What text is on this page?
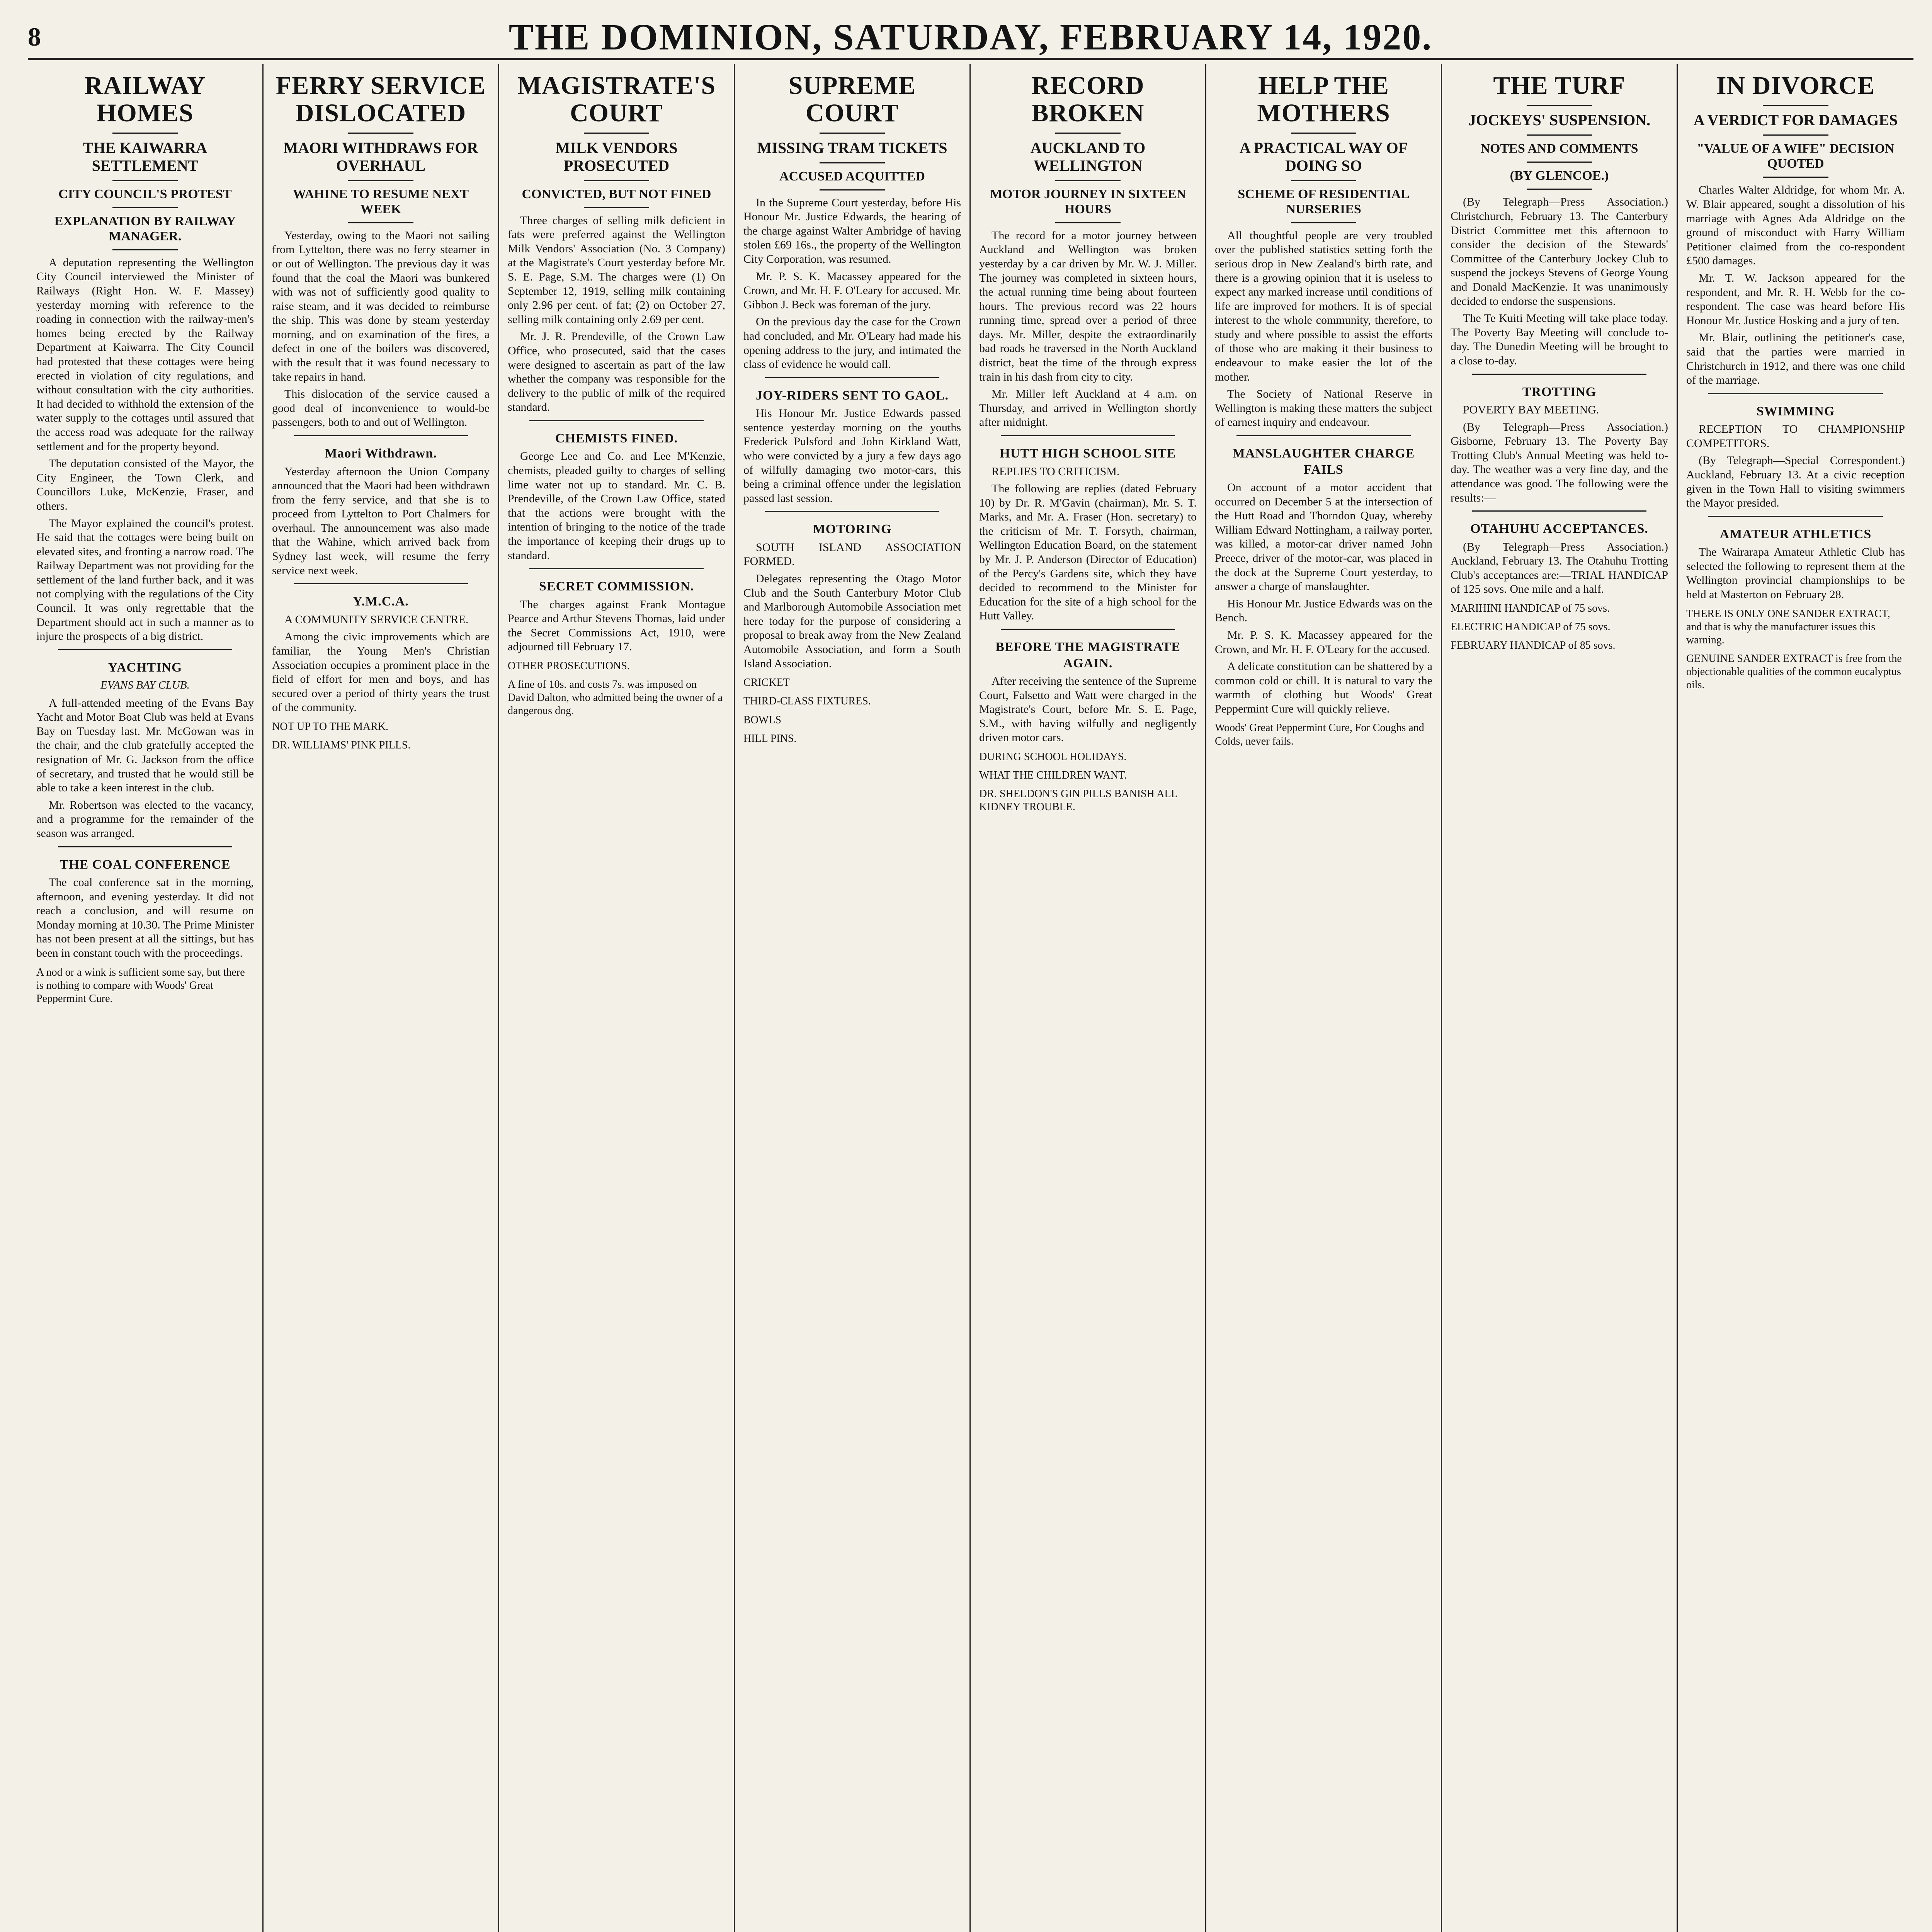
8	THE DOMINION, SATURDAY, FEBRUARY 14, 1920.
RAILWAY HOMES
THE KAIWARRA SETTLEMENT
CITY COUNCIL'S PROTEST
EXPLANATION BY RAILWAY MANAGER.

A deputation representing the Wellington City Council interviewed the Minister of Railways (Right Hon. W. F. Massey) yesterday morning with reference to the roading in connection with the railway-men's homes being erected by the Railway Department at Kaiwarra. The City Council had protested that these cottages were being erected in violation of city regulations, and without consultation with the city authorities. It had decided to withhold the extension of the water supply to the cottages until assured that the access road was adequate for the railway settlement and for the property beyond.

The deputation consisted of the Mayor, the City Engineer, the Town Clerk, and Councillors Luke, McKenzie, Fraser, and others.

The Mayor explained the council's protest. He said that the cottages were being built on elevated sites, and fronting a narrow road. The Railway Department was not providing for the settlement of the land further back, and it was not complying with the regulations of the City Council. It was only regrettable that the Department should act in such a manner as to injure the prospects of a big district.

YACHTING
EVANS BAY CLUB.

A full-attended meeting of the Evans Bay Yacht and Motor Boat Club was held at Evans Bay on Tuesday last. Mr. McGowan was in the chair, and the club gratefully accepted the resignation of Mr. G. Jackson from the office of secretary, and trusted that he would still be able to take a keen interest in the club.

Mr. Robertson was elected to the vacancy, and a programme for the remainder of the season was arranged.

THE COAL CONFERENCE

The coal conference sat in the morning, afternoon, and evening yesterday. It did not reach a conclusion, and will resume on Monday morning at 10.30. The Prime Minister has not been present at all the sittings, but has been in constant touch with the proceedings.

A nod or a wink is sufficient some say, but there is nothing to compare with Woods' Great Peppermint Cure.

FERRY SERVICE DISLOCATED
MAORI WITHDRAWS FOR OVERHAUL
WAHINE TO RESUME NEXT WEEK

Yesterday, owing to the Maori not sailing from Lyttelton, there was no ferry steamer in or out of Wellington. The previous day it was found that the coal the Maori was bunkered with was not of sufficiently good quality to raise steam, and it was decided to reimburse the ship. This was done by steam yesterday morning, and on examination of the fires, a defect in one of the boilers was discovered, with the result that it was found necessary to take repairs in hand.

This dislocation of the service caused a good deal of inconvenience to would-be passengers, both to and out of Wellington.

Maori Withdrawn.

Yesterday afternoon the Union Company announced that the Maori had been withdrawn from the ferry service, and that she is to proceed from Lyttelton to Port Chalmers for overhaul. The announcement was also made that the Wahine, which arrived back from Sydney last week, will resume the ferry service next week.

Y.M.C.A.

A COMMUNITY SERVICE CENTRE.

Among the civic improvements which are familiar, the Young Men's Christian Association occupies a prominent place in the field of effort for men and boys, and has secured over a period of thirty years the trust of the community.

NOT UP TO THE MARK.

DR. WILLIAMS' PINK PILLS.

MAGISTRATE'S COURT
MILK VENDORS PROSECUTED
CONVICTED, BUT NOT FINED

Three charges of selling milk deficient in fats were preferred against the Wellington Milk Vendors' Association (No. 3 Company) at the Magistrate's Court yesterday before Mr. S. E. Page, S.M. The charges were (1) On September 12, 1919, selling milk containing only 2.96 per cent. of fat; (2) on October 27, selling milk containing only 2.69 per cent.

Mr. J. R. Prendeville, of the Crown Law Office, who prosecuted, said that the cases were designed to ascertain as part of the law whether the company was responsible for the delivery to the public of milk of the required standard.

CHEMISTS FINED.

George Lee and Co. and Lee M'Kenzie, chemists, pleaded guilty to charges of selling lime water not up to standard. Mr. C. B. Prendeville, of the Crown Law Office, stated that the actions were brought with the intention of bringing to the notice of the trade the importance of keeping their drugs up to standard.

SECRET COMMISSION.

The charges against Frank Montague Pearce and Arthur Stevens Thomas, laid under the Secret Commissions Act, 1910, were adjourned till February 17.

OTHER PROSECUTIONS.

A fine of 10s. and costs 7s. was imposed on David Dalton, who admitted being the owner of a dangerous dog.

SUPREME COURT
MISSING TRAM TICKETS
ACCUSED ACQUITTED

In the Supreme Court yesterday, before His Honour Mr. Justice Edwards, the hearing of the charge against Walter Ambridge of having stolen £69 16s., the property of the Wellington City Corporation, was resumed.

Mr. P. S. K. Macassey appeared for the Crown, and Mr. H. F. O'Leary for accused. Mr. Gibbon J. Beck was foreman of the jury.

On the previous day the case for the Crown had concluded, and Mr. O'Leary had made his opening address to the jury, and intimated the class of evidence he would call.

JOY-RIDERS SENT TO GAOL.

His Honour Mr. Justice Edwards passed sentence yesterday morning on the youths Frederick Pulsford and John Kirkland Watt, who were convicted by a jury a few days ago of wilfully damaging two motor-cars, this being a criminal offence under the legislation passed last session.

MOTORING

SOUTH ISLAND ASSOCIATION FORMED.

Delegates representing the Otago Motor Club and the South Canterbury Motor Club and Marlborough Automobile Association met here today for the purpose of considering a proposal to break away from the New Zealand Automobile Association, and form a South Island Association.

CRICKET

THIRD-CLASS FIXTURES.

BOWLS

HILL PINS.

RECORD BROKEN
AUCKLAND TO WELLINGTON
MOTOR JOURNEY IN SIXTEEN HOURS

The record for a motor journey between Auckland and Wellington was broken yesterday by a car driven by Mr. W. J. Miller. The journey was completed in sixteen hours, the actual running time being about fourteen hours. The previous record was 22 hours running time, spread over a period of three days. Mr. Miller, despite the extraordinarily bad roads he traversed in the North Auckland district, beat the time of the through express train in his dash from city to city.

Mr. Miller left Auckland at 4 a.m. on Thursday, and arrived in Wellington shortly after midnight.

HUTT HIGH SCHOOL SITE

REPLIES TO CRITICISM.

The following are replies (dated February 10) by Dr. R. M'Gavin (chairman), Mr. S. T. Marks, and Mr. A. Fraser (Hon. secretary) to the criticism of Mr. T. Forsyth, chairman, Wellington Education Board, on the statement by Mr. J. P. Anderson (Director of Education) of the Percy's Gardens site, which they have decided to recommend to the Minister for Education for the site of a high school for the Hutt Valley.

BEFORE THE MAGISTRATE AGAIN.

After receiving the sentence of the Supreme Court, Falsetto and Watt were charged in the Magistrate's Court, before Mr. S. E. Page, S.M., with having wilfully and negligently driven motor cars.

DURING SCHOOL HOLIDAYS.

WHAT THE CHILDREN WANT.

DR. SHELDON'S GIN PILLS BANISH ALL KIDNEY TROUBLE.

HELP THE MOTHERS
A PRACTICAL WAY OF DOING SO
SCHEME OF RESIDENTIAL NURSERIES

All thoughtful people are very troubled over the published statistics setting forth the serious drop in New Zealand's birth rate, and there is a growing opinion that it is useless to expect any marked increase until conditions of life are improved for mothers. It is of special interest to the whole community, therefore, to study and where possible to assist the efforts of those who are making it their business to endeavour to make easier the lot of the mother.

The Society of National Reserve in Wellington is making these matters the subject of earnest inquiry and endeavour.

MANSLAUGHTER CHARGE FAILS

On account of a motor accident that occurred on December 5 at the intersection of the Hutt Road and Thorndon Quay, whereby William Edward Nottingham, a railway porter, was killed, a motor-car driver named John Preece, driver of the motor-car, was placed in the dock at the Supreme Court yesterday, to answer a charge of manslaughter.

His Honour Mr. Justice Edwards was on the Bench.

Mr. P. S. K. Macassey appeared for the Crown, and Mr. H. F. O'Leary for the accused.

A delicate constitution can be shattered by a common cold or chill. It is natural to vary the warmth of clothing but Woods' Great Peppermint Cure will quickly relieve.

Woods' Great Peppermint Cure, For Coughs and Colds, never fails.

THE TURF
JOCKEYS' SUSPENSION.
NOTES AND COMMENTS
(BY GLENCOE.)

(By Telegraph—Press Association.) Christchurch, February 13. The Canterbury District Committee met this afternoon to consider the decision of the Stewards' Committee of the Canterbury Jockey Club to suspend the jockeys Stevens of George Young and Donald MacKenzie. It was unanimously decided to endorse the suspensions.

The Te Kuiti Meeting will take place today. The Poverty Bay Meeting will conclude to-day. The Dunedin Meeting will be brought to a close to-day.

TROTTING

POVERTY BAY MEETING.

(By Telegraph—Press Association.) Gisborne, February 13. The Poverty Bay Trotting Club's Annual Meeting was held to-day. The weather was a very fine day, and the attendance was good. The following were the results:—

OTAHUHU ACCEPTANCES.

(By Telegraph—Press Association.) Auckland, February 13. The Otahuhu Trotting Club's acceptances are:—TRIAL HANDICAP of 125 sovs. One mile and a half.

MARIHINI HANDICAP of 75 sovs.

ELECTRIC HANDICAP of 75 sovs.

FEBRUARY HANDICAP of 85 sovs.

IN DIVORCE
A VERDICT FOR DAMAGES
"VALUE OF A WIFE" DECISION QUOTED

Charles Walter Aldridge, for whom Mr. A. W. Blair appeared, sought a dissolution of his marriage with Agnes Ada Aldridge on the ground of misconduct with Harry William Petitioner claimed from the co-respondent £500 damages.

Mr. T. W. Jackson appeared for the respondent, and Mr. R. H. Webb for the co-respondent. The case was heard before His Honour Mr. Justice Hosking and a jury of ten.

Mr. Blair, outlining the petitioner's case, said that the parties were married in Christchurch in 1912, and there was one child of the marriage.

SWIMMING

RECEPTION TO CHAMPIONSHIP COMPETITORS.

(By Telegraph—Special Correspondent.) Auckland, February 13. At a civic reception given in the Town Hall to visiting swimmers the Mayor presided.

AMATEUR ATHLETICS

The Wairarapa Amateur Athletic Club has selected the following to represent them at the Wellington provincial championships to be held at Masterton on February 28.

THERE IS ONLY ONE SANDER EXTRACT, and that is why the manufacturer issues this warning.

GENUINE SANDER EXTRACT is free from the objectionable qualities of the common eucalyptus oils.
